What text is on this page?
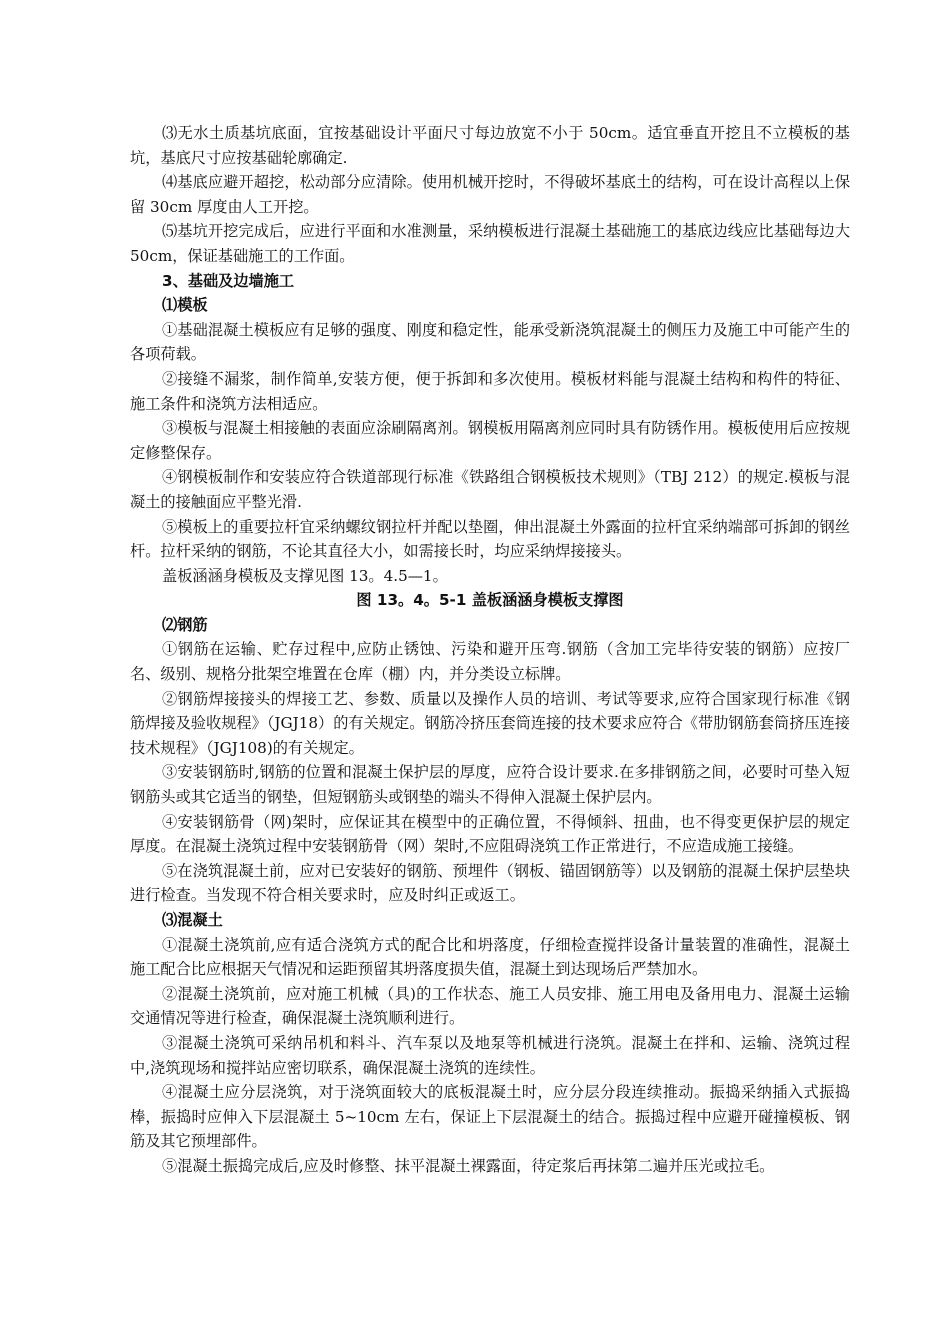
⑶无水土质基坑底面，宜按基础设计平面尺寸每边放宽不小于 50cm。适宜垂直开挖且不立模板的基坑，基底尺寸应按基础轮廓确定.

⑷基底应避开超挖，松动部分应清除。使用机械开挖时，不得破坏基底土的结构，可在设计高程以上保留 30cm 厚度由人工开挖。

⑸基坑开挖完成后，应进行平面和水准测量，采纳模板进行混凝土基础施工的基底边线应比基础每边大 50cm，保证基础施工的工作面。

3、基础及边墙施工

⑴模板

①基础混凝土模板应有足够的强度、刚度和稳定性，能承受新浇筑混凝土的侧压力及施工中可能产生的各项荷载。

②接缝不漏浆，制作简单,安装方便，便于拆卸和多次使用。模板材料能与混凝土结构和构件的特征、施工条件和浇筑方法相适应。

③模板与混凝土相接触的表面应涂刷隔离剂。钢模板用隔离剂应同时具有防锈作用。模板使用后应按规定修整保存。

④钢模板制作和安装应符合铁道部现行标准《铁路组合钢模板技术规则》（TBJ 212）的规定.模板与混凝土的接触面应平整光滑.

⑤模板上的重要拉杆宜采纳螺纹钢拉杆并配以垫圈，伸出混凝土外露面的拉杆宜采纳端部可拆卸的钢丝杆。拉杆采纳的钢筋，不论其直径大小，如需接长时，均应采纳焊接接头。

盖板涵涵身模板及支撑见图 13。4.5—1。

图 13。4。5-1 盖板涵涵身模板支撑图

⑵钢筋

①钢筋在运输、贮存过程中,应防止锈蚀、污染和避开压弯.钢筋（含加工完毕待安装的钢筋）应按厂名、级别、规格分批架空堆置在仓库（棚）内，并分类设立标牌。

②钢筋焊接接头的焊接工艺、参数、质量以及操作人员的培训、考试等要求,应符合国家现行标准《钢筋焊接及验收规程》（JGJ18）的有关规定。钢筋冷挤压套筒连接的技术要求应符合《带肋钢筋套筒挤压连接技术规程》（JGJ108)的有关规定。

③安装钢筋时,钢筋的位置和混凝土保护层的厚度，应符合设计要求.在多排钢筋之间，必要时可垫入短钢筋头或其它适当的钢垫，但短钢筋头或钢垫的端头不得伸入混凝土保护层内。

④安装钢筋骨（网)架时，应保证其在模型中的正确位置，不得倾斜、扭曲，也不得变更保护层的规定厚度。在混凝土浇筑过程中安装钢筋骨（网）架时,不应阻碍浇筑工作正常进行，不应造成施工接缝。

⑤在浇筑混凝土前，应对已安装好的钢筋、预埋件（钢板、锚固钢筋等）以及钢筋的混凝土保护层垫块进行检查。当发现不符合相关要求时，应及时纠正或返工。

⑶混凝土

①混凝土浇筑前,应有适合浇筑方式的配合比和坍落度，仔细检查搅拌设备计量装置的准确性，混凝土施工配合比应根据天气情况和运距预留其坍落度损失值，混凝土到达现场后严禁加水。

②混凝土浇筑前，应对施工机械（具)的工作状态、施工人员安排、施工用电及备用电力、混凝土运输交通情况等进行检查，确保混凝土浇筑顺利进行。

③混凝土浇筑可采纳吊机和料斗、汽车泵以及地泵等机械进行浇筑。混凝土在拌和、运输、浇筑过程中,浇筑现场和搅拌站应密切联系，确保混凝土浇筑的连续性。

④混凝土应分层浇筑，对于浇筑面较大的底板混凝土时，应分层分段连续推动。振捣采纳插入式振捣棒，振捣时应伸入下层混凝土 5~10cm 左右，保证上下层混凝土的结合。振捣过程中应避开碰撞模板、钢筋及其它预埋部件。

⑤混凝土振捣完成后,应及时修整、抹平混凝土裸露面，待定浆后再抹第二遍并压光或拉毛。
